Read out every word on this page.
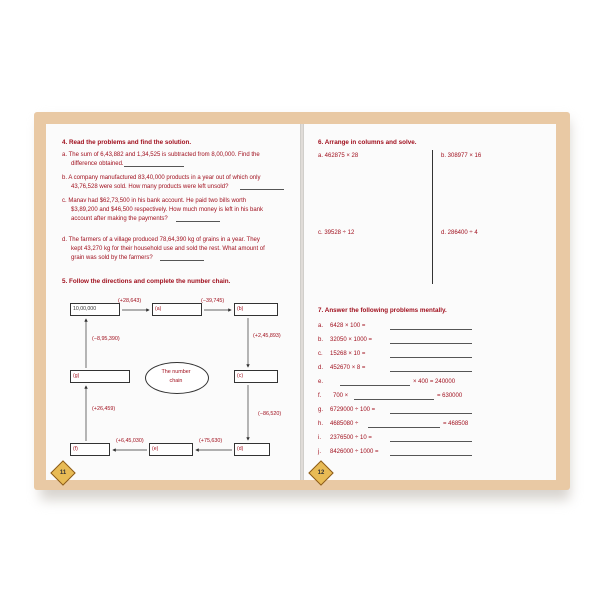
4. Read the problems and find the solution.
a. The sum of 6,43,882 and 1,34,525 is subtracted from 8,00,000. Find the
difference obtained.
b. A company manufactured 83,40,000 products in a year out of which only
43,76,528 were sold. How many products were left unsold?
c. Manav had $62,73,500 in his bank account. He paid two bills worth
$3,89,200 and $46,500 respectively. How much money is left in his bank
account after making the payments?
d. The farmers of a village produced 78,64,390 kg of grains in a year. They
kept 43,270 kg for their household use and sold the rest. What amount of
grain was sold by the farmers?
5. Follow the directions and complete the number chain.
10,00,000	(a)	(b)
(c)
(d)
(e)
(f)
(g)
The number
chain
(+28,643)	(−39,745)
(+2,45,893)
(−86,520)
(+75,630)
(+6,45,030)
(+26,459)
(−8,95,390)
11
6. Arrange in columns and solve.
a. 462875 × 28	b. 308977 × 16
c. 39528 ÷ 12	d. 286400 ÷ 4
7. Answer the following problems mentally.
a. 6428 × 100 =
b. 32050 × 1000 =
c. 15268 × 10 =
d. 452670 × 8 =
e.	× 400 = 240000
f. 700 ×	= 630000
g. 6729000 ÷ 100 =
h. 4685080 ÷	= 468508
i. 2376500 ÷ 10 =
j. 8426000 ÷ 1000 =
12
